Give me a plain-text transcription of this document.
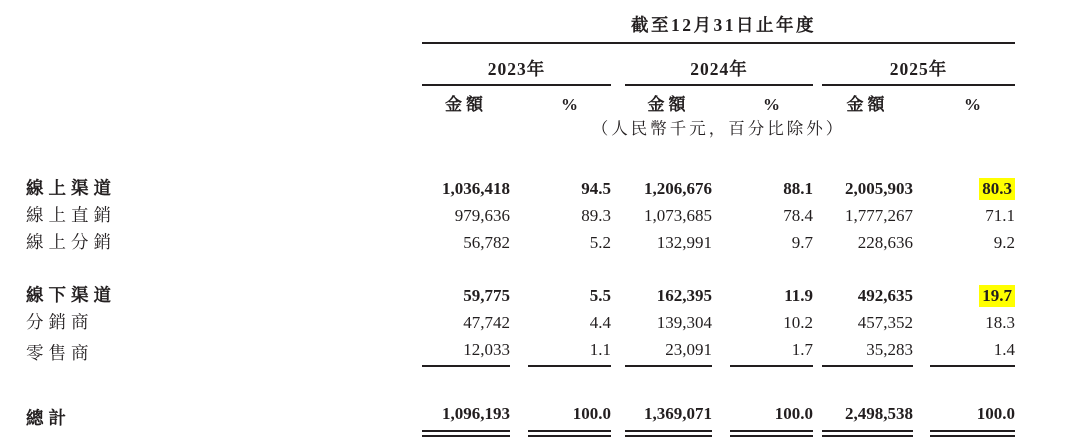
截至12月31日止年度
2023年	2024年	2025年
金額	%	金額	%	金額	%
（人民幣千元，百分比除外）
線上渠道	1,036,418	94.5	1,206,676	88.1	2,005,903	80.3
線上直銷	979,636	89.3	1,073,685	78.4	1,777,267	71.1
線上分銷	56,782	5.2	132,991	9.7	228,636	9.2
線下渠道	59,775	5.5	162,395	11.9	492,635	19.7
分銷商	47,742	4.4	139,304	10.2	457,352	18.3
零售商	12,033	1.1	23,091	1.7	35,283	1.4
總計	1,096,193	100.0	1,369,071	100.0	2,498,538	100.0
